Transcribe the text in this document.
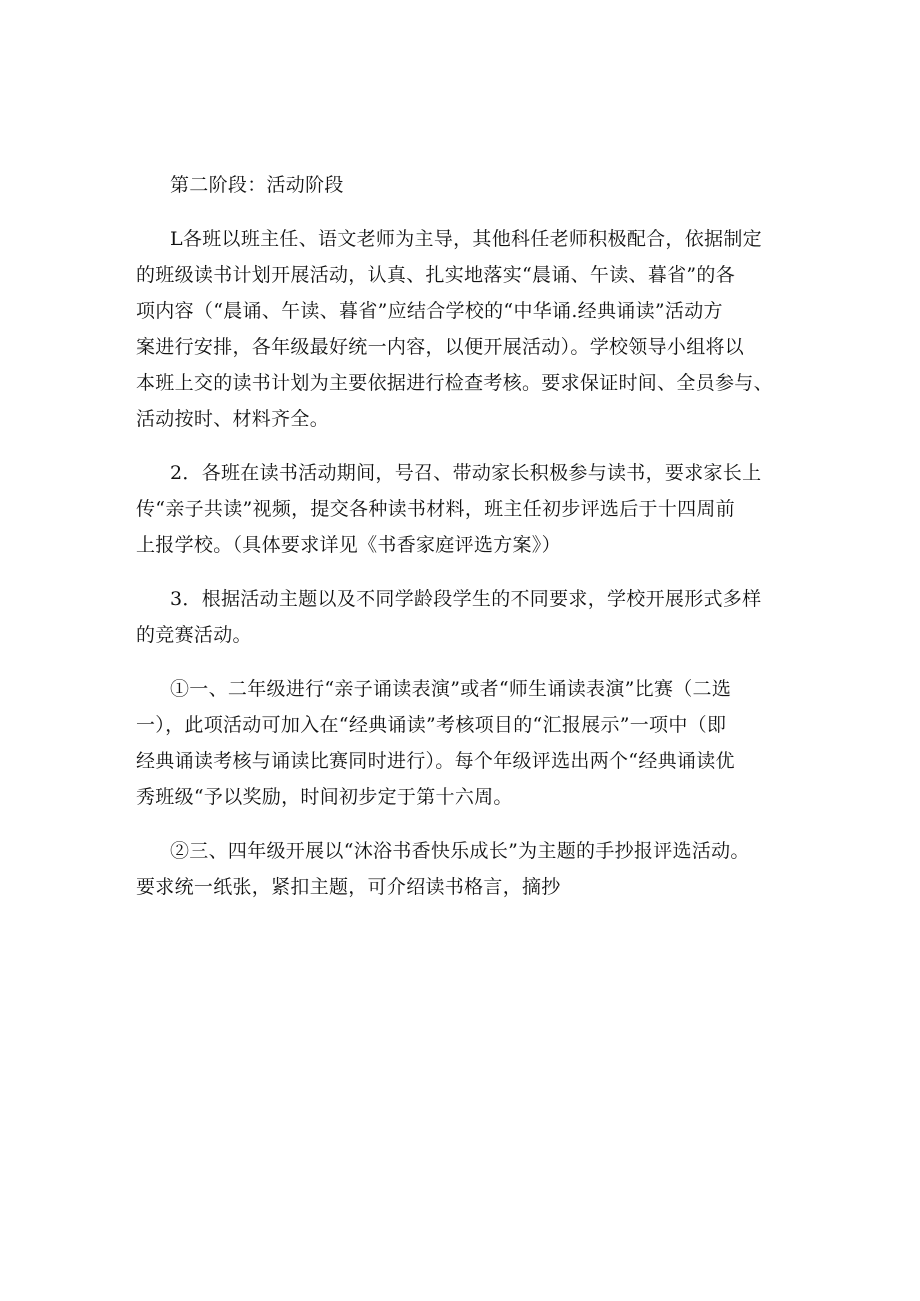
第二阶段：活动阶段
L各班以班主任、语文老师为主导，其他科任老师积极配合，依据制定
的班级读书计划开展活动，认真、扎实地落实“晨诵、午读、暮省”的各
项内容（“晨诵、午读、暮省”应结合学校的“中华诵.经典诵读”活动方
案进行安排，各年级最好统一内容，以便开展活动）。学校领导小组将以
本班上交的读书计划为主要依据进行检查考核。要求保证时间、全员参与、
活动按时、材料齐全。
2．各班在读书活动期间，号召、带动家长积极参与读书，要求家长上
传“亲子共读”视频，提交各种读书材料，班主任初步评选后于十四周前
上报学校。（具体要求详见《书香家庭评选方案》）
3．根据活动主题以及不同学龄段学生的不同要求，学校开展形式多样
的竞赛活动。
①一、二年级进行“亲子诵读表演”或者“师生诵读表演”比赛（二选
一），此项活动可加入在“经典诵读”考核项目的“汇报展示”一项中（即
经典诵读考核与诵读比赛同时进行）。每个年级评选出两个“经典诵读优
秀班级“予以奖励，时间初步定于第十六周。
②三、四年级开展以“沐浴书香快乐成长”为主题的手抄报评选活动。
要求统一纸张，紧扣主题，可介绍读书格言，摘抄
